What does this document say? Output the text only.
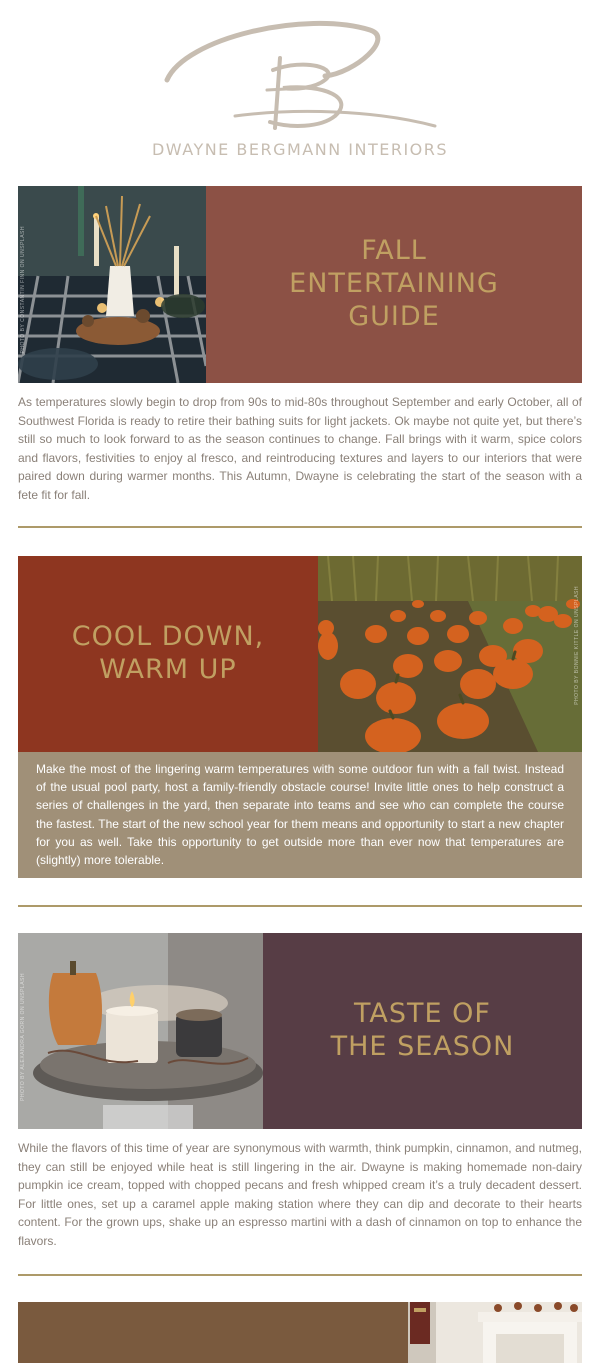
DWAYNE BERGMANN INTERIORS
PHOTO BY CONSTANTIN FINN ON UNSPLASH	FALL
ENTERTAINING
GUIDE
As temperatures slowly begin to drop from 90s to mid-80s throughout September and early October, all of Southwest Florida is ready to retire their bathing suits for light jackets. Ok maybe not quite yet, but there’s still so much to look forward to as the season continues to change. Fall brings with it warm, spice colors and flavors, festivities to enjoy al fresco, and reintroducing textures and layers to our interiors that were paired down during warmer months. This Autumn, Dwayne is celebrating the start of the season with a fete fit for fall.
COOL DOWN,
WARM UP	PHOTO BY BONNIE KITTLE ON UNSPLASH
Make the most of the lingering warm temperatures with some outdoor fun with a fall twist. Instead of the usual pool party, host a family-friendly obstacle course! Invite little ones to help construct a series of challenges in the yard, then separate into teams and see who can complete the course the fastest. The start of the new school year for them means and opportunity to start a new chapter for you as well. Take this opportunity to get outside more than ever now that temperatures are (slightly) more tolerable.
PHOTO BY ALEXANDRA GORN ON UNSPLASH	TASTE OF
THE SEASON
While the flavors of this time of year are synonymous with warmth, think pumpkin, cinnamon, and nutmeg, they can still be enjoyed while heat is still lingering in the air. Dwayne is making homemade non-dairy pumpkin ice cream, topped with chopped pecans and fresh whipped cream it’s a truly decadent dessert. For little ones, set up a caramel apple making station where they can dip and decorate to their hearts content. For the grown ups, shake up an espresso martini with a dash of cinnamon on top to enhance the flavors.
